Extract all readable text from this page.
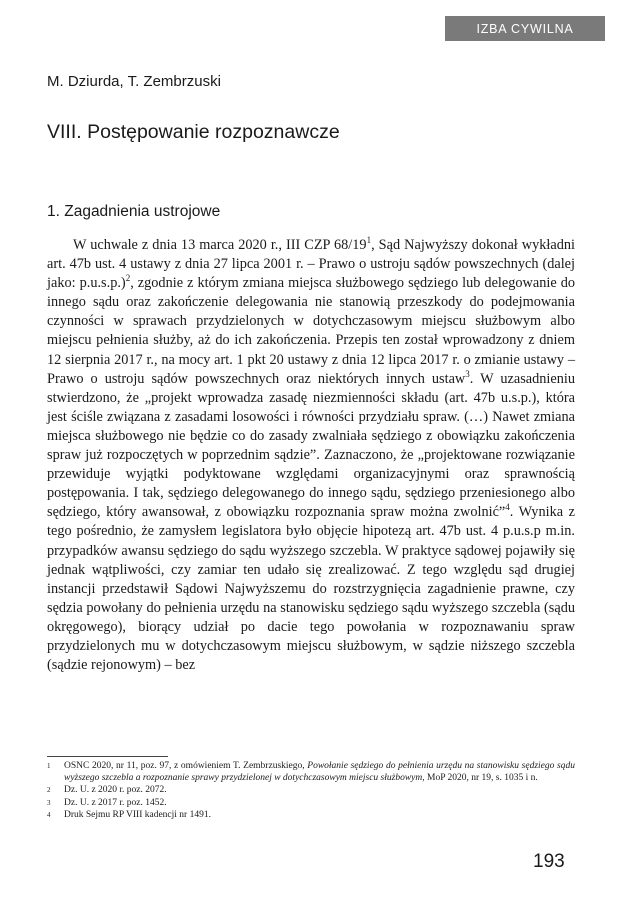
IZBA CYWILNA
M. Dziurda, T. Zembrzuski
VIII. Postępowanie rozpoznawcze
1. Zagadnienia ustrojowe

W uchwale z dnia 13 marca 2020 r., III CZP $68/19^1$, Sąd Najwyższy dokonał wykładni art. 47b ust. 4 ustawy z dnia 27 lipca 2001 r. – Prawo o ustroju sądów powszechnych (dalej jako: p.u.s.p.)$^2$, zgodnie z którym zmiana miejsca służbowego sędziego lub delegowanie do innego sądu oraz zakończenie delegowania nie stanowią przeszkody do podejmowania czynności w sprawach przydzielonych w dotychczasowym miejscu służbowym albo miejscu pełnienia służby, aż do ich zakończenia. Przepis ten został wprowadzony z dniem 12 sierpnia 2017 r., na mocy art. 1 pkt 20 ustawy z dnia 12 lipca 2017 r. o zmianie ustawy – Prawo o ustroju sądów powszechnych oraz niektórych innych ustaw$^3$. W uzasadnieniu stwierdzono, że „projekt wprowadza zasadę niezmienności składu (art. 47b u.s.p.), która jest ściśle związana z zasadami losowości i równości przydziału spraw. (…) Nawet zmiana miejsca służbowego nie będzie co do zasady zwalniała sędziego z obowiązku zakończenia spraw już rozpoczętych w poprzednim sądzie”. Zaznaczono, że „projektowane rozwiązanie przewiduje wyjątki podyktowane względami organizacyjnymi oraz sprawnością postępowania. I tak, sędziego delegowanego do innego sądu, sędziego przeniesionego albo sędziego, który awansował, z obowiązku rozpoznania spraw można zwolnić”$^4$. Wynika z tego pośrednio, że zamysłem legislatora było objęcie hipotezą art. 47b ust. 4 p.u.s.p m.in. przypadków awansu sędziego do sądu wyższego szczebla. W praktyce sądowej pojawiły się jednak wątpliwości, czy zamiar ten udało się zrealizować. Z tego względu sąd drugiej instancji przedstawił Sądowi Najwyższemu do rozstrzygnięcia zagadnienie prawne, czy sędzia powołany do pełnienia urzędu na stanowisku sędziego sądu wyższego szczebla (sądu okręgowego), biorący udział po dacie tego powołania w rozpoznawaniu spraw przydzielonych mu w dotychczasowym miejscu służbowym, w sądzie niższego szczebla (sądzie rejonowym) – bez

1 OSNC 2020, nr 11, poz. 97, z omówieniem T. Zembrzuskiego, Powołanie sędziego do pełnienia urzędu na stanowisku sędziego sądu wyższego szczebla a rozpoznanie sprawy przydzielonej w dotychczasowym miejscu służbowym, MoP 2020, nr 19, s. 1035 i n.
2 Dz. U. z 2020 r. poz. 2072.
3 Dz. U. z 2017 r. poz. 1452.
4 Druk Sejmu RP VIII kadencji nr 1491.
193
